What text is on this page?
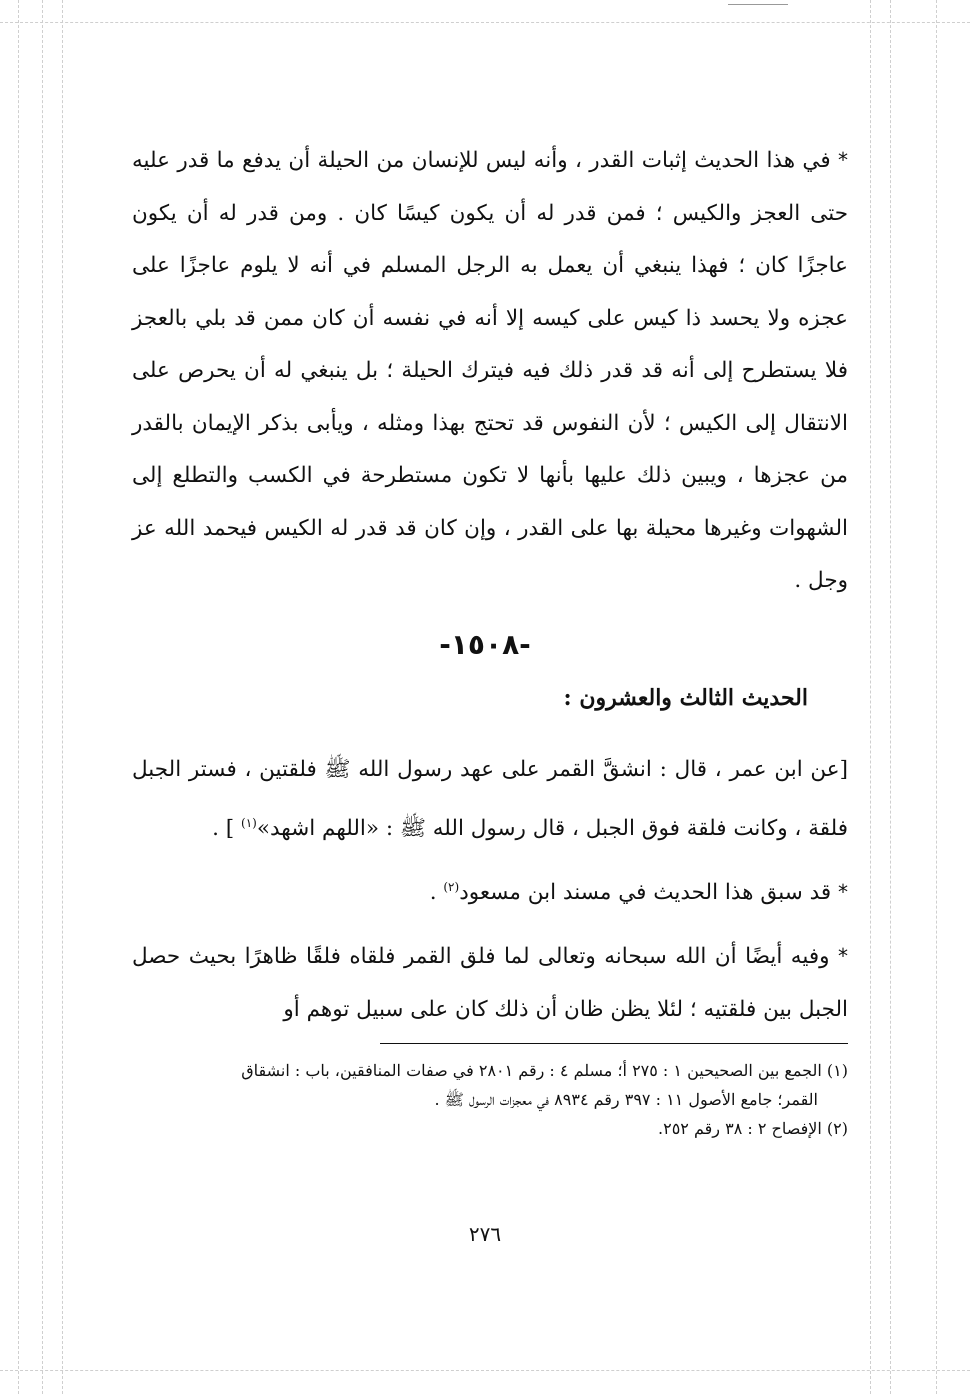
* في هذا الحديث إثبات القدر ، وأنه ليس للإنسان من الحيلة أن يدفع ما قدر عليه حتى العجز والكيس ؛ فمن قدر له أن يكون كيسًا كان . ومن قدر له أن يكون عاجزًا كان ؛ فهذا ينبغي أن يعمل به الرجل المسلم في أنه لا يلوم عاجزًا على عجزه ولا يحسد ذا كيس على كيسه إلا أنه في نفسه أن كان ممن قد بلي بالعجز فلا يستطرح إلى أنه قد قدر ذلك فيه فيترك الحيلة ؛ بل ينبغي له أن يحرص على الانتقال إلى الكيس ؛ لأن النفوس قد تحتج بهذا ومثله ، ويأبى بذكر الإيمان بالقدر من عجزها ، ويبين ذلك عليها بأنها لا تكون مستطرحة في الكسب والتطلع إلى الشهوات وغيرها محيلة بها على القدر ، وإن كان قد قدر له الكيس فيحمد الله عز وجل .

-١٥٠٨-
الحديث الثالث والعشرون :

[عن ابن عمر ، قال : انشقَّ القمر على عهد رسول الله ﷺ فلقتين ، فستر الجبل فلقة ، وكانت فلقة فوق الجبل ، قال رسول الله ﷺ : «اللهم اشهد»$^{(١)}$ ] .

* قد سبق هذا الحديث في مسند ابن مسعود$^{(٢)}$ .

* وفيه أيضًا أن الله سبحانه وتعالى لما فلق القمر فلقاه فلقًا ظاهرًا بحيث حصل الجبل بين فلقتيه ؛ لئلا يظن ظان أن ذلك كان على سبيل توهم أو

(١) الجمع بين الصحيحين ١ : ٢٧٥ أ؛ مسلم ٤ : رقم ٢٨٠١ في صفات المنافقين، باب : انشقاق

القمر؛ جامع الأصول ١١ : ٣٩٧ رقم ٨٩٣٤ في معجزات الرسول ﷺ .

(٢) الإفصاح ٢ : ٣٨ رقم ٢٥٢.

٢٧٦
